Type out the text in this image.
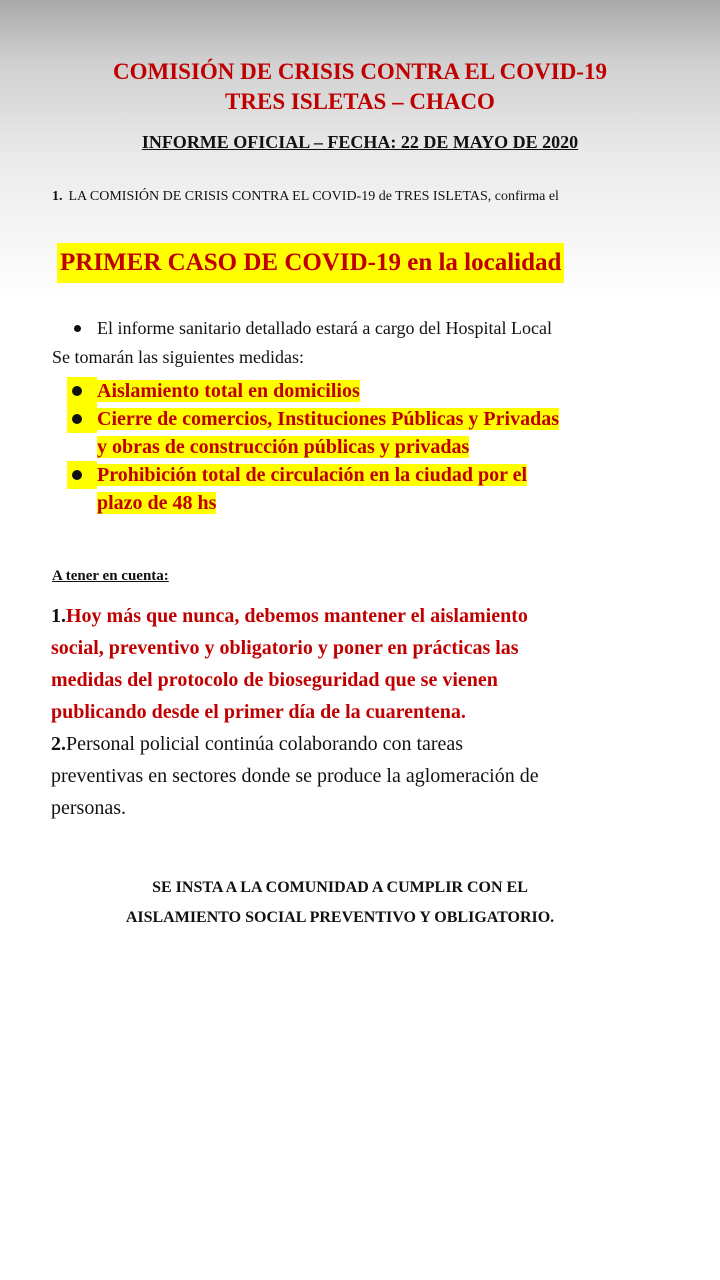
COMISIÓN DE CRISIS CONTRA EL COVID-19
TRES ISLETAS – CHACO
INFORME OFICIAL – FECHA: 22 DE MAYO DE 2020
1. LA COMISIÓN DE CRISIS CONTRA EL COVID-19 de TRES ISLETAS, confirma el
PRIMER CASO DE COVID-19 en la localidad
El informe sanitario detallado estará a cargo del Hospital Local
Se tomarán las siguientes medidas:
Aislamiento total en domicilios
Cierre de comercios, Instituciones Públicas y Privadas
y obras de construcción públicas y privadas
Prohibición total de circulación en la ciudad por el
plazo de 48 hs
A tener en cuenta:
1.Hoy más que nunca, debemos mantener el aislamiento
social, preventivo y obligatorio y poner en prácticas las
medidas del protocolo de bioseguridad que se vienen
publicando desde el primer día de la cuarentena.
2.Personal policial continúa colaborando con tareas
preventivas en sectores donde se produce la aglomeración de
personas.
SE INSTA A LA COMUNIDAD A CUMPLIR CON EL
AISLAMIENTO SOCIAL PREVENTIVO Y OBLIGATORIO.
